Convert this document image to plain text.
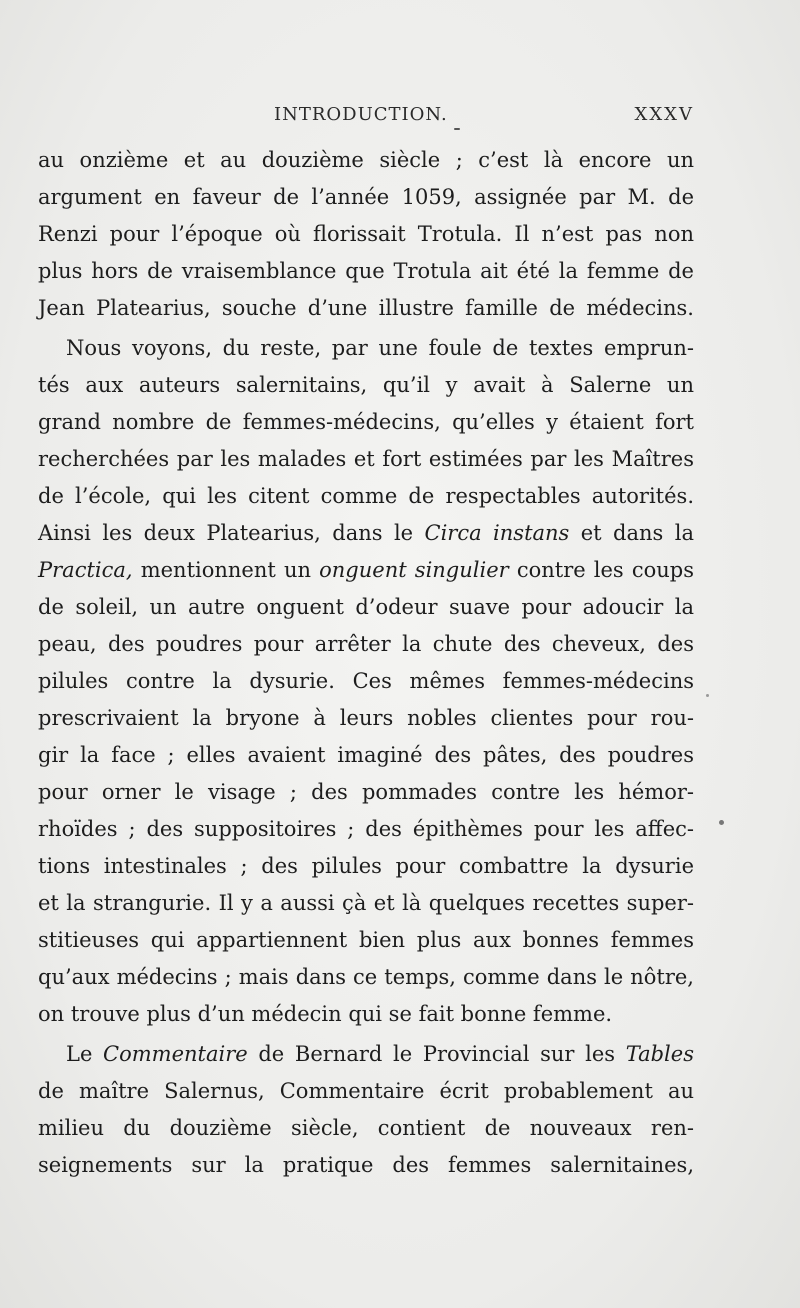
INTRODUCTION.	XXXV
au onzième et au douzième siècle ; c’est là encore un
argument en faveur de l’année 1059, assignée par M. de
Renzi pour l’époque où florissait Trotula. Il n’est pas non
plus hors de vraisemblance que Trotula ait été la femme de
Jean Platearius, souche d’une illustre famille de médecins.
Nous voyons, du reste, par une foule de textes emprun-
tés aux auteurs salernitains, qu’il y avait à Salerne un
grand nombre de femmes-médecins, qu’elles y étaient fort
recherchées par les malades et fort estimées par les Maîtres
de l’école, qui les citent comme de respectables autorités.
Ainsi les deux Platearius, dans le Circa instans et dans la
Practica, mentionnent un onguent singulier contre les coups
de soleil, un autre onguent d’odeur suave pour adoucir la
peau, des poudres pour arrêter la chute des cheveux, des
pilules contre la dysurie. Ces mêmes femmes-médecins
prescrivaient la bryone à leurs nobles clientes pour rou-
gir la face ; elles avaient imaginé des pâtes, des poudres
pour orner le visage ; des pommades contre les hémor-
rhoïdes ; des suppositoires ; des épithèmes pour les affec-
tions intestinales ; des pilules pour combattre la dysurie
et la strangurie. Il y a aussi çà et là quelques recettes super-
stitieuses qui appartiennent bien plus aux bonnes femmes
qu’aux médecins ; mais dans ce temps, comme dans le nôtre,
on trouve plus d’un médecin qui se fait bonne femme.
Le Commentaire de Bernard le Provincial sur les Tables
de maître Salernus, Commentaire écrit probablement au
milieu du douzième siècle, contient de nouveaux ren-
seignements sur la pratique des femmes salernitaines,
